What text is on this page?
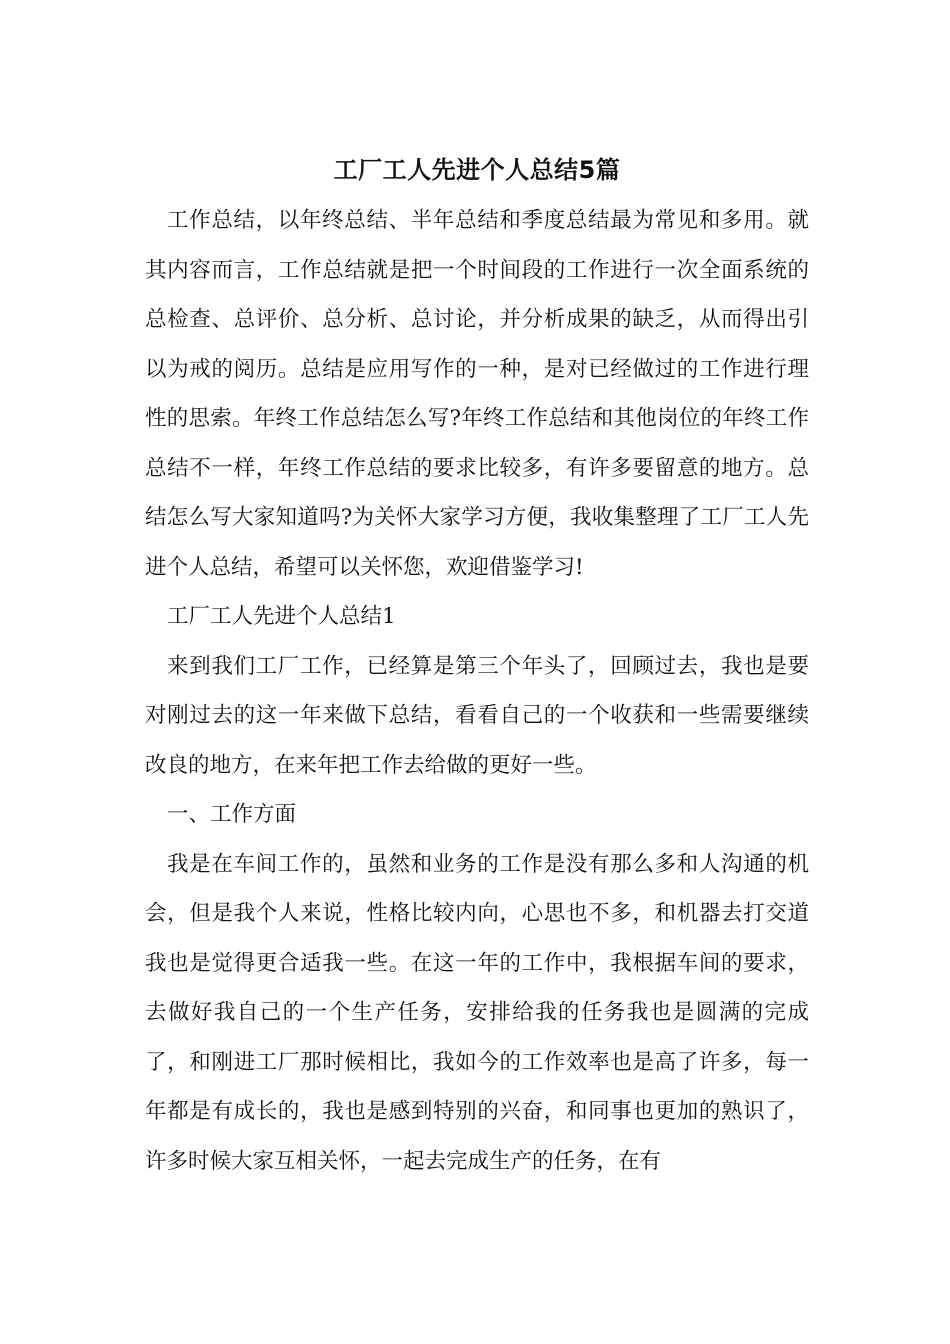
工厂工人先进个人总结5篇

工作总结，以年终总结、半年总结和季度总结最为常见和多用。就其内容而言，工作总结就是把一个时间段的工作进行一次全面系统的总检查、总评价、总分析、总讨论，并分析成果的缺乏，从而得出引以为戒的阅历。总结是应用写作的一种，是对已经做过的工作进行理性的思索。年终工作总结怎么写?年终工作总结和其他岗位的年终工作总结不一样，年终工作总结的要求比较多，有许多要留意的地方。总结怎么写大家知道吗?为关怀大家学习方便，我收集整理了工厂工人先进个人总结，希望可以关怀您，欢迎借鉴学习!

工厂工人先进个人总结1

来到我们工厂工作，已经算是第三个年头了，回顾过去，我也是要对刚过去的这一年来做下总结，看看自己的一个收获和一些需要继续改良的地方，在来年把工作去给做的更好一些。

一、工作方面

我是在车间工作的，虽然和业务的工作是没有那么多和人沟通的机会，但是我个人来说，性格比较内向，心思也不多，和机器去打交道我也是觉得更合适我一些。在这一年的工作中，我根据车间的要求，去做好我自己的一个生产任务，安排给我的任务我也是圆满的完成了，和刚进工厂那时候相比，我如今的工作效率也是高了许多，每一年都是有成长的，我也是感到特别的兴奋，和同事也更加的熟识了，许多时候大家互相关怀，一起去完成生产的任务，在有
